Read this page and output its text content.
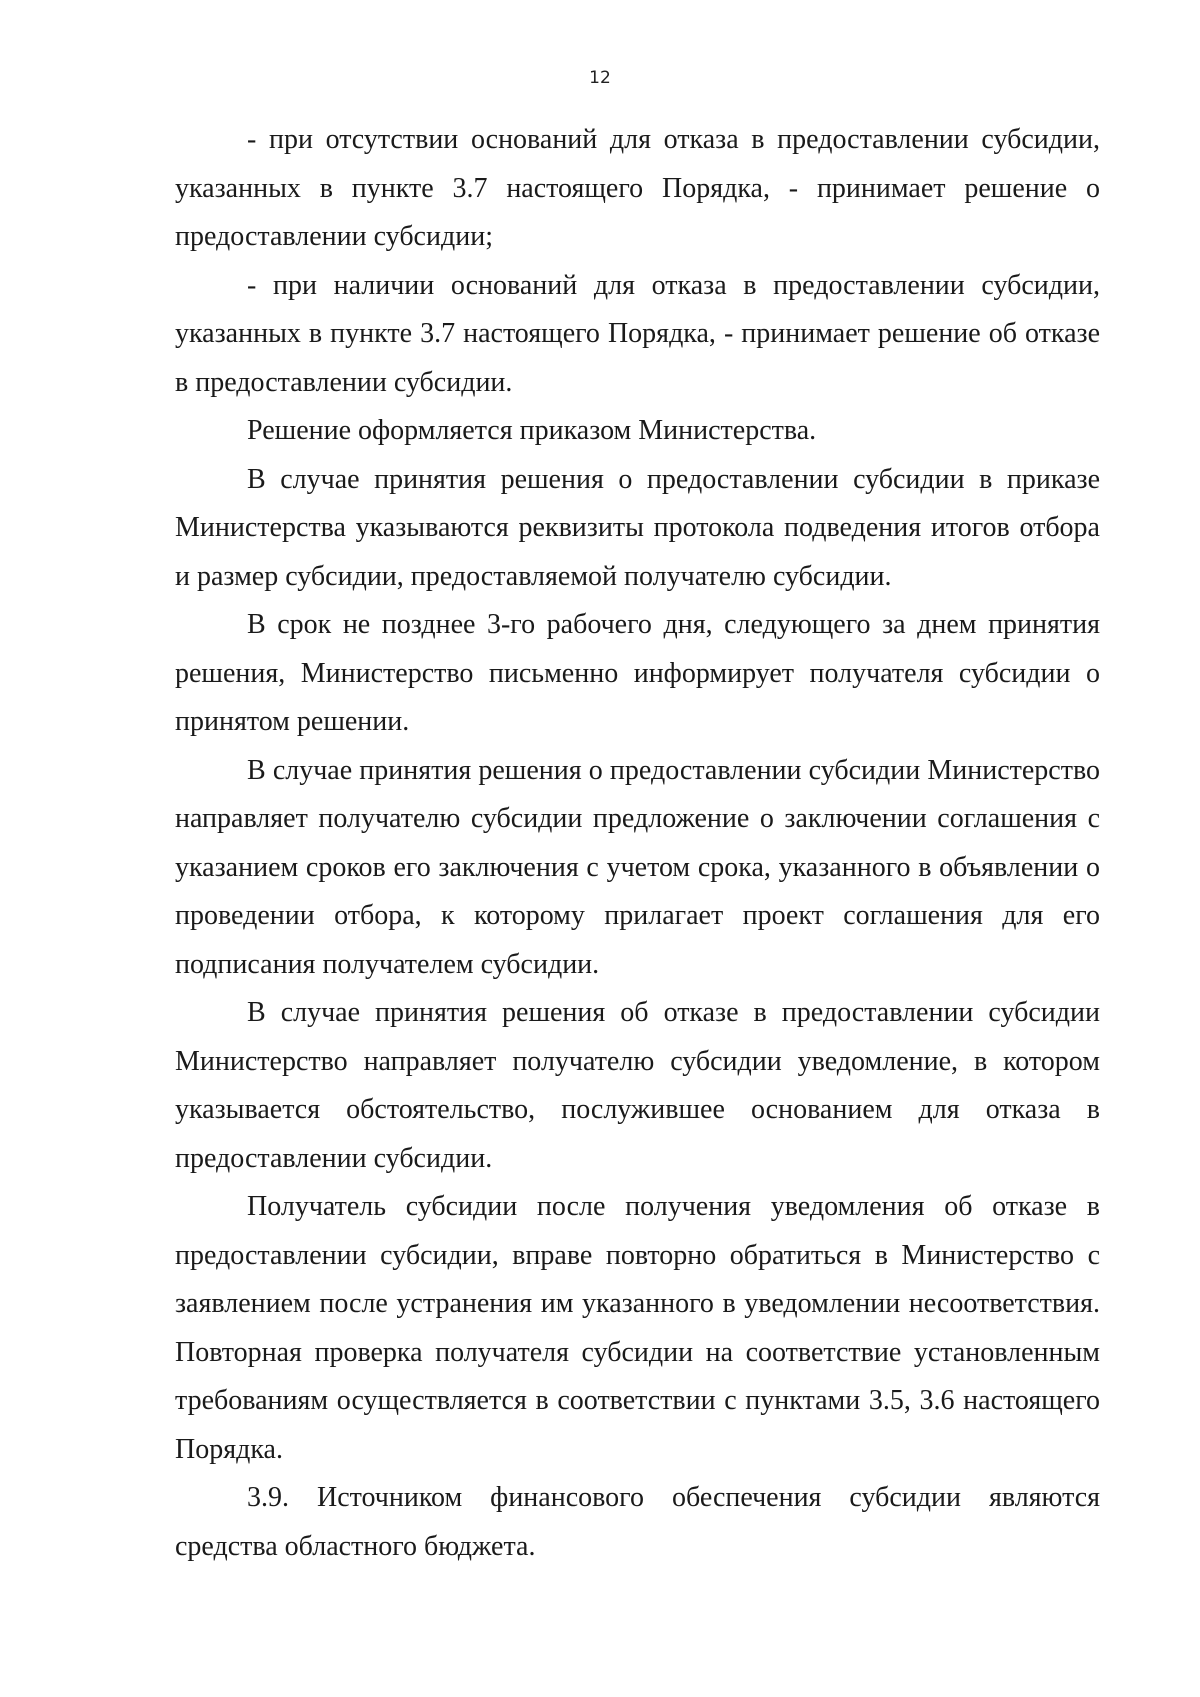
12

- при отсутствии оснований для отказа в предоставлении субсидии, указанных в пункте 3.7 настоящего Порядка, - принимает решение о предоставлении субсидии;

- при наличии оснований для отказа в предоставлении субсидии, указанных в пункте 3.7 настоящего Порядка, - принимает решение об отказе в предоставлении субсидии.

Решение оформляется приказом Министерства.

В случае принятия решения о предоставлении субсидии в приказе Министерства указываются реквизиты протокола подведения итогов отбора и размер субсидии, предоставляемой получателю субсидии.

В срок не позднее 3-го рабочего дня, следующего за днем принятия решения, Министерство письменно информирует получателя субсидии о принятом решении.

В случае принятия решения о предоставлении субсидии Министерство направляет получателю субсидии предложение о заключении соглашения с указанием сроков его заключения с учетом срока, указанного в объявлении о проведении отбора, к которому прилагает проект соглашения для его подписания получателем субсидии.

В случае принятия решения об отказе в предоставлении субсидии Министерство направляет получателю субсидии уведомление, в котором указывается обстоятельство, послужившее основанием для отказа в предоставлении субсидии.

Получатель субсидии после получения уведомления об отказе в предоставлении субсидии, вправе повторно обратиться в Министерство с заявлением после устранения им указанного в уведомлении несоответствия. Повторная проверка получателя субсидии на соответствие установленным требованиям осуществляется в соответствии с пунктами 3.5, 3.6 настоящего Порядка.

3.9. Источником финансового обеспечения субсидии являются средства областного бюджета.
